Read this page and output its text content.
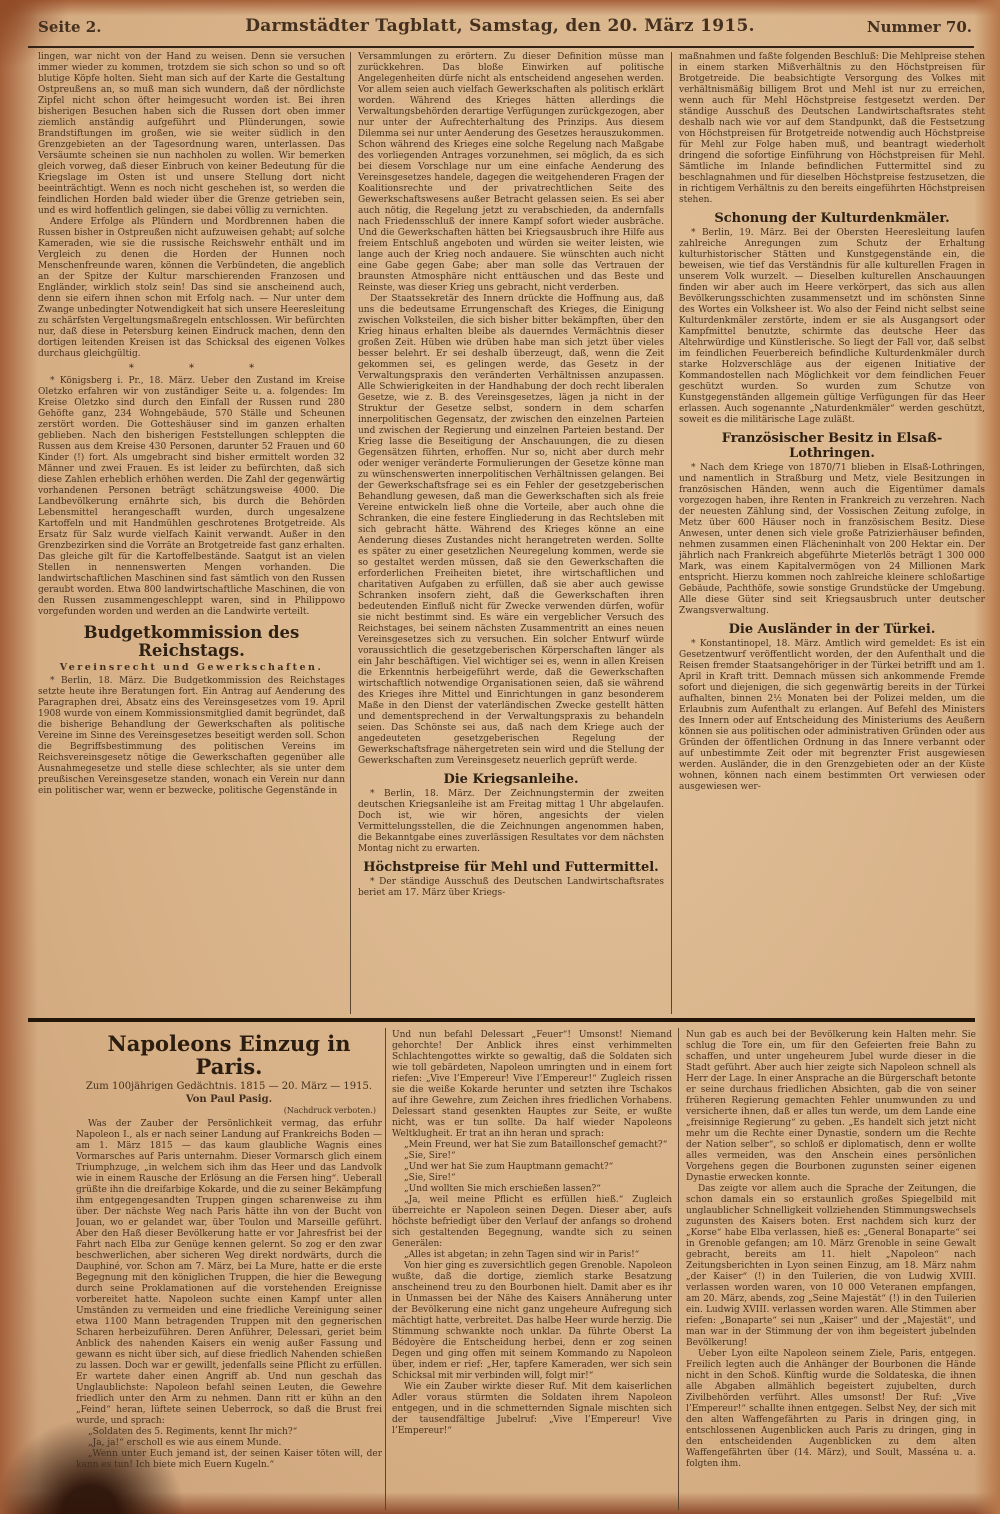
Seite 2.	Darmstädter Tagblatt, Samstag, den 20. März 1915.	Nummer 70.

lingen, war nicht von der Hand zu weisen. Denn sie versuchen immer wieder zu kommen, trotzdem sie sich schon so und so oft blutige Köpfe holten. Sieht man sich auf der Karte die Gestaltung Ostpreußens an, so muß man sich wundern, daß der nördlichste Zipfel nicht schon öfter heimgesucht worden ist. Bei ihren bisherigen Besuchen haben sich die Russen dort oben immer ziemlich anständig aufgeführt und Plünderungen, sowie Brandstiftungen im großen, wie sie weiter südlich in den Grenzgebieten an der Tagesordnung waren, unterlassen. Das Versäumte scheinen sie nun nachholen zu wollen. Wir bemerken gleich vorweg, daß dieser Einbruch von keiner Bedeutung für die Kriegslage im Osten ist und unsere Stellung dort nicht beeinträchtigt. Wenn es noch nicht geschehen ist, so werden die feindlichen Horden bald wieder über die Grenze getrieben sein, und es wird hoffentlich gelingen, sie dabei völlig zu vernichten.

Andere Erfolge als Plündern und Mordbrennen haben die Russen bisher in Ostpreußen nicht aufzuweisen gehabt; auf solche Kameraden, wie sie die russische Reichswehr enthält und im Vergleich zu denen die Horden der Hunnen noch Menschenfreunde waren, können die Verbündeten, die angeblich an der Spitze der Kultur marschierenden Franzosen und Engländer, wirklich stolz sein! Das sind sie anscheinend auch, denn sie eifern ihnen schon mit Erfolg nach. — Nur unter dem Zwange unbedingter Notwendigkeit hat sich unsere Heeresleitung zu schärfsten Vergeltungsmaßregeln entschlossen. Wir befürchten nur, daß diese in Petersburg keinen Eindruck machen, denn den dortigen leitenden Kreisen ist das Schicksal des eigenen Volkes durchaus gleichgültig.

* * *

* Königsberg i. Pr., 18. März. Ueber den Zustand im Kreise Oletzko erfahren wir von zuständiger Seite u. a. folgendes: Im Kreise Oletzko sind durch den Einfall der Russen rund 280 Gehöfte ganz, 234 Wohngebäude, 570 Ställe und Scheunen zerstört worden. Die Gotteshäuser sind im ganzen erhalten geblieben. Nach den bisherigen Feststellungen schleppten die Russen aus dem Kreise 430 Personen, darunter 52 Frauen und 60 Kinder (!) fort. Als umgebracht sind bisher ermittelt worden 32 Männer und zwei Frauen. Es ist leider zu befürchten, daß sich diese Zahlen erheblich erhöhen werden. Die Zahl der gegenwärtig vorhandenen Personen beträgt schätzungsweise 4000. Die Landbevölkerung ernährte sich, bis durch die Behörden Lebensmittel herangeschafft wurden, durch ungesalzene Kartoffeln und mit Handmühlen geschrotenes Brotgetreide. Als Ersatz für Salz wurde vielfach Kainit verwandt. Außer in den Grenzbezirken sind die Vorräte an Brotgetreide fast ganz erhalten. Das gleiche gilt für die Kartoffelbestände. Saatgut ist an vielen Stellen in nennenswerten Mengen vorhanden. Die landwirtschaftlichen Maschinen sind fast sämtlich von den Russen geraubt worden. Etwa 800 landwirtschaftliche Maschinen, die von den Russen zusammengeschleppt waren, sind in Philippowo vorgefunden worden und werden an die Landwirte verteilt.

Budgetkommission des Reichstags.
Vereinsrecht und Gewerkschaften.

* Berlin, 18. März. Die Budgetkommission des Reichstages setzte heute ihre Beratungen fort. Ein Antrag auf Aenderung des Paragraphen drei, Absatz eins des Vereinsgesetzes vom 19. April 1908 wurde von einem Kommissionsmitglied damit begründet, daß die bisherige Behandlung der Gewerkschaften als politische Vereine im Sinne des Vereinsgesetzes beseitigt werden soll. Schon die Begriffsbestimmung des politischen Vereins im Reichsvereinsgesetz nötige die Gewerkschaften gegenüber alle Ausnahmegesetze und stelle diese schlechter, als sie unter dem preußischen Vereinsgesetze standen, wonach ein Verein nur dann ein politischer war, wenn er bezwecke, politische Gegenstände in

Versammlungen zu erörtern. Zu dieser Definition müsse man zurückkehren. Das bloße Einwirken auf politische Angelegenheiten dürfe nicht als entscheidend angesehen werden. Vor allem seien auch vielfach Gewerkschaften als politisch erklärt worden. Während des Krieges hätten allerdings die Verwaltungsbehörden derartige Verfügungen zurückgezogen, aber nur unter der Aufrechterhaltung des Prinzips. Aus diesem Dilemma sei nur unter Aenderung des Gesetzes herauszukommen. Schon während des Krieges eine solche Regelung nach Maßgabe des vorliegenden Antrages vorzunehmen, sei möglich, da es sich bei diesem Vorschlage nur um eine einfache Aenderung des Vereinsgesetzes handele, dagegen die weitgehenderen Fragen der Koalitionsrechte und der privatrechtlichen Seite des Gewerkschaftswesens außer Betracht gelassen seien. Es sei aber auch nötig, die Regelung jetzt zu verabschieden, da andernfalls nach Friedensschluß der innere Kampf sofort wieder ausbräche. Und die Gewerkschaften hätten bei Kriegsausbruch ihre Hilfe aus freiem Entschluß angeboten und würden sie weiter leisten, wie lange auch der Krieg noch andauere. Sie wünschten auch nicht eine Gabe gegen Gabe; aber man solle das Vertrauen der braunsten Atmosphäre nicht enttäuschen und das Beste und Reinste, was dieser Krieg uns gebracht, nicht verderben.

Der Staatssekretär des Innern drückte die Hoffnung aus, daß uns die bedeutsame Errungenschaft des Krieges, die Einigung zwischen Volksteilen, die sich bisher bitter bekämpften, über den Krieg hinaus erhalten bleibe als dauerndes Vermächtnis dieser großen Zeit. Hüben wie drüben habe man sich jetzt über vieles besser belehrt. Er sei deshalb überzeugt, daß, wenn die Zeit gekommen sei, es gelingen werde, das Gesetz in der Verwaltungspraxis den veränderten Verhältnissen anzupassen. Alle Schwierigkeiten in der Handhabung der doch recht liberalen Gesetze, wie z. B. des Vereinsgesetzes, lägen ja nicht in der Struktur der Gesetze selbst, sondern in dem scharfen innerpolitischen Gegensatz, der zwischen den einzelnen Parteien und zwischen der Regierung und einzelnen Parteien bestand. Der Krieg lasse die Beseitigung der Anschauungen, die zu diesen Gegensätzen führten, erhoffen. Nur so, nicht aber durch mehr oder weniger veränderte Formulierungen der Gesetze könne man zu wünschenswerten innerpolitischen Verhältnissen gelangen. Bei der Gewerkschaftsfrage sei es ein Fehler der gesetzgeberischen Behandlung gewesen, daß man die Gewerkschaften sich als freie Vereine entwickeln ließ ohne die Vorteile, aber auch ohne die Schranken, die eine festere Eingliederung in das Rechtsleben mit sich gebracht hätte. Während des Krieges könne an eine Aenderung dieses Zustandes nicht herangetreten werden. Sollte es später zu einer gesetzlichen Neuregelung kommen, werde sie so gestaltet werden müssen, daß sie den Gewerkschaften die erforderlichen Freiheiten bietet, ihre wirtschaftlichen und charitativen Aufgaben zu erfüllen, daß sie aber auch gewisse Schranken insofern zieht, daß die Gewerkschaften ihren bedeutenden Einfluß nicht für Zwecke verwenden dürfen, wofür sie nicht bestimmt sind. Es wäre ein vergeblicher Versuch des Reichstages, bei seinem nächsten Zusammentritt an eines neuen Vereinsgesetzes sich zu versuchen. Ein solcher Entwurf würde voraussichtlich die gesetzgeberischen Körperschaften länger als ein Jahr beschäftigen. Viel wichtiger sei es, wenn in allen Kreisen die Erkenntnis herbeigeführt werde, daß die Gewerkschaften wirtschaftlich notwendige Organisationen seien, daß sie während des Krieges ihre Mittel und Einrichtungen in ganz besonderem Maße in den Dienst der vaterländischen Zwecke gestellt hätten und dementsprechend in der Verwaltungspraxis zu behandeln seien. Das Schönste sei aus, daß nach dem Kriege auch der angedeuteten gesetzgeberischen Regelung der Gewerkschaftsfrage nähergetreten sein wird und die Stellung der Gewerkschaften zum Vereinsgesetz neuerlich geprüft werde.

Die Kriegsanleihe.

* Berlin, 18. März. Der Zeichnungstermin der zweiten deutschen Kriegsanleihe ist am Freitag mittag 1 Uhr abgelaufen. Doch ist, wie wir hören, angesichts der vielen Vermittelungsstellen, die die Zeichnungen angenommen haben, die Bekanntgabe eines zuverlässigen Resultates vor dem nächsten Montag nicht zu erwarten.

Höchstpreise für Mehl und Futtermittel.

* Der ständige Ausschuß des Deutschen Landwirtschaftsrates beriet am 17. März über Kriegs-

maßnahmen und faßte folgenden Beschluß: Die Mehlpreise stehen in einem starken Mißverhältnis zu den Höchstpreisen für Brotgetreide. Die beabsichtigte Versorgung des Volkes mit verhältnismäßig billigem Brot und Mehl ist nur zu erreichen, wenn auch für Mehl Höchstpreise festgesetzt werden. Der ständige Ausschuß des Deutschen Landwirtschaftsrates steht deshalb nach wie vor auf dem Standpunkt, daß die Festsetzung von Höchstpreisen für Brotgetreide notwendig auch Höchstpreise für Mehl zur Folge haben muß, und beantragt wiederholt dringend die sofortige Einführung von Höchstpreisen für Mehl. Sämtliche im Inlande befindlichen Futtermittel sind zu beschlagnahmen und für dieselben Höchstpreise festzusetzen, die in richtigem Verhältnis zu den bereits eingeführten Höchstpreisen stehen.

Schonung der Kulturdenkmäler.

* Berlin, 19. März. Bei der Obersten Heeresleitung laufen zahlreiche Anregungen zum Schutz der Erhaltung kulturhistorischer Stätten und Kunstgegenstände ein, die beweisen, wie tief das Verständnis für alle kulturellen Fragen in unserem Volk wurzelt. — Dieselben kulturellen Anschauungen finden wir aber auch im Heere verkörpert, das sich aus allen Bevölkerungsschichten zusammensetzt und im schönsten Sinne des Wortes ein Volksheer ist. Wo also der Feind nicht selbst seine Kulturdenkmäler zerstörte, indem er sie als Ausgangsort oder Kampfmittel benutzte, schirmte das deutsche Heer das Altehrwürdige und Künstlerische. So liegt der Fall vor, daß selbst im feindlichen Feuerbereich befindliche Kulturdenkmäler durch starke Holzverschläge aus der eigenen Initiative der Kommandostellen nach Möglichkeit vor dem feindlichen Feuer geschützt wurden. So wurden zum Schutze von Kunstgegenständen allgemein gültige Verfügungen für das Heer erlassen. Auch sogenannte „Naturdenkmäler“ werden geschützt, soweit es die militärische Lage zuläßt.

Französischer Besitz in Elsaß-Lothringen.

* Nach dem Kriege von 1870/71 blieben in Elsaß-Lothringen, und namentlich in Straßburg und Metz, viele Besitzungen in französischen Händen, wenn auch die Eigentümer damals vorgezogen haben, ihre Renten in Frankreich zu verzehren. Nach der neuesten Zählung sind, der Vossischen Zeitung zufolge, in Metz über 600 Häuser noch in französischem Besitz. Diese Anwesen, unter denen sich viele große Patrizierhäuser befinden, nehmen zusammen einen Flächeninhalt von 200 Hektar ein. Der jährlich nach Frankreich abgeführte Mieterlös beträgt 1 300 000 Mark, was einem Kapitalvermögen von 24 Millionen Mark entspricht. Hierzu kommen noch zahlreiche kleinere schloßartige Gebäude, Pachthöfe, sowie sonstige Grundstücke der Umgebung. Alle diese Güter sind seit Kriegsausbruch unter deutscher Zwangsverwaltung.

Die Ausländer in der Türkei.

* Konstantinopel, 18. März. Amtlich wird gemeldet: Es ist ein Gesetzentwurf veröffentlicht worden, der den Aufenthalt und die Reisen fremder Staatsangehöriger in der Türkei betrifft und am 1. April in Kraft tritt. Demnach müssen sich ankommende Fremde sofort und diejenigen, die sich gegenwärtig bereits in der Türkei aufhalten, binnen 2½ Monaten bei der Polizei melden, um die Erlaubnis zum Aufenthalt zu erlangen. Auf Befehl des Ministers des Innern oder auf Entscheidung des Ministeriums des Aeußern können sie aus politischen oder administrativen Gründen oder aus Gründen der öffentlichen Ordnung in das Innere verbannt oder auf unbestimmte Zeit oder mit begrenzter Frist ausgewiesen werden. Ausländer, die in den Grenzgebieten oder an der Küste wohnen, können nach einem bestimmten Ort verwiesen oder ausgewiesen wer-

Napoleons Einzug in Paris.
Zum 100jährigen Gedächtnis. 1815 — 20. März — 1915.
Von Paul Pasig.
(Nachdruck verboten.)

Was der Zauber der Persönlichkeit vermag, das erfuhr Napoleon I., als er nach seiner Landung auf Frankreichs Boden — am 1. März 1815 — das kaum glaubliche Wagnis eines Vormarsches auf Paris unternahm. Dieser Vormarsch glich einem Triumphzuge, „in welchem sich ihm das Heer und das Landvolk wie in einem Rausche der Erlösung an die Fersen hing“. Ueberall grüßte ihn die dreifarbige Kokarde, und die zu seiner Bekämpfung ihm entgegengesandten Truppen gingen scharenweise zu ihm über. Der nächste Weg nach Paris hätte ihn von der Bucht von Jouan, wo er gelandet war, über Toulon und Marseille geführt. Aber den Haß dieser Bevölkerung hatte er vor Jahresfrist bei der Fahrt nach Elba zur Genüge kennen gelernt. So zog er den zwar beschwerlichen, aber sicheren Weg direkt nordwärts, durch die Dauphiné, vor. Schon am 7. März, bei La Mure, hatte er die erste Begegnung mit den königlichen Truppen, die hier die Bewegung durch seine Proklamationen auf die vorstehenden Ereignisse vorbereitet hatte. Napoleon suchte einen Kampf unter allen Umständen zu vermeiden und eine friedliche Vereinigung seiner etwa 1100 Mann betragenden Truppen mit den gegnerischen Scharen herbeizuführen. Deren Anführer, Delessari, geriet beim Anblick des nahenden Kaisers ein wenig außer Fassung und gewann es nicht über sich, auf diese friedlich Nahenden schießen zu lassen. Doch war er gewillt, jedenfalls seine Pflicht zu erfüllen. Er wartete daher einen Angriff ab. Und nun geschah das Unglaublichste: Napoleon befahl seinen Leuten, die Gewehre friedlich unter den Arm zu nehmen. Dann ritt er kühn an den „Feind“ heran, lüftete seinen Ueberrock, so daß die Brust frei wurde, und sprach:

„Soldaten des 5. Regiments, kennt Ihr mich?“

„Ja, ja!“ erscholl es wie aus einem Munde.

„Wenn unter Euch jemand ist, der seinen Kaiser töten will, der kann es tun! Ich biete mich Euern Kugeln.“

Und nun befahl Delessart „Feuer“! Umsonst! Niemand gehorchte! Der Anblick ihres einst verhimmelten Schlachtengottes wirkte so gewaltig, daß die Soldaten sich wie toll gebärdeten, Napoleon umringten und in einem fort riefen: „Vive l’Empereur! Vive l’Empereur!“ Zugleich rissen sie die weiße Kokarde herunter und setzten ihre Tschakos auf ihre Gewehre, zum Zeichen ihres friedlichen Vorhabens. Delessart stand gesenkten Hauptes zur Seite, er wußte nicht, was er tun sollte. Da half wieder Napoleons Weltklugheit. Er trat an ihn heran und sprach:

„Mein Freund, wer hat Sie zum Bataillonschef gemacht?“

„Sie, Sire!“

„Und wer hat Sie zum Hauptmann gemacht?“

„Sie, Sire!“

„Und wollten Sie mich erschießen lassen?“

„Ja, weil meine Pflicht es erfüllen hieß.“ Zugleich überreichte er Napoleon seinen Degen. Dieser aber, aufs höchste befriedigt über den Verlauf der anfangs so drohend sich gestaltenden Begegnung, wandte sich zu seinen Generälen:

„Alles ist abgetan; in zehn Tagen sind wir in Paris!“

Von hier ging es zuversichtlich gegen Grenoble. Napoleon wußte, daß die dortige, ziemlich starke Besatzung anscheinend treu zu den Bourbonen hielt. Damit aber es ihr in Unmassen bei der Nähe des Kaisers Annäherung unter der Bevölkerung eine nicht ganz ungeheure Aufregung sich mächtigt hatte, verbreitet. Das halbe Heer wurde herzig. Die Stimmung schwankte noch unklar. Da führte Oberst La Bédoyère die Entscheidung herbei, denn er zog seinen Degen und ging offen mit seinem Kommando zu Napoleon über, indem er rief: „Her, tapfere Kameraden, wer sich sein Schicksal mit mir verbinden will, folgt mir!“

Wie ein Zauber wirkte dieser Ruf. Mit dem kaiserlichen Adler voraus stürmten die Soldaten ihrem Napoleon entgegen, und in die schmetternden Signale mischten sich der tausendfältige Jubelruf: „Vive l’Empereur! Vive l’Empereur!“

Nun gab es auch bei der Bevölkerung kein Halten mehr. Sie schlug die Tore ein, um für den Gefeierten freie Bahn zu schaffen, und unter ungeheurem Jubel wurde dieser in die Stadt geführt. Aber auch hier zeigte sich Napoleon schnell als Herr der Lage. In einer Ansprache an die Bürgerschaft betonte er seine durchaus friedlichen Absichten, gab die von seiner früheren Regierung gemachten Fehler unumwunden zu und versicherte ihnen, daß er alles tun werde, um dem Lande eine „freisinnige Regierung“ zu geben. „Es handelt sich jetzt nicht mehr um die Rechte einer Dynastie, sondern um die Rechte der Nation selber“, so schloß er diplomatisch, denn er wollte alles vermeiden, was den Anschein eines persönlichen Vorgehens gegen die Bourbonen zugunsten seiner eigenen Dynastie erwecken konnte.

Das zeigte vor allem auch die Sprache der Zeitungen, die schon damals ein so erstaunlich großes Spiegelbild mit unglaublicher Schnelligkeit vollziehenden Stimmungswechsels zugunsten des Kaisers boten. Erst nachdem sich kurz der „Korse“ habe Elba verlassen, hieß es: „General Bonaparte“ sei in Grenoble gefangen; am 10. März Grenoble in seine Gewalt gebracht, bereits am 11. hielt „Napoleon“ nach Zeitungsberichten in Lyon seinen Einzug, am 18. März nahm „der Kaiser“ (!) in den Tuilerien, die von Ludwig XVIII. verlassen worden waren, von 10 000 Veteranen empfangen, am 20. März, abends, zog „Seine Majestät“ (!) in den Tuilerien ein. Ludwig XVIII. verlassen worden waren. Alle Stimmen aber riefen: „Bonaparte“ sei nun „Kaiser“ und der „Majestät“, und man war in der Stimmung der von ihm begeistert jubelnden Bevölkerung!

Ueber Lyon eilte Napoleon seinem Ziele, Paris, entgegen. Freilich legten auch die Anhänger der Bourbonen die Hände nicht in den Schoß. Künftig wurde die Soldateska, die ihnen alle Abgaben allmählich begeistert zujubelten, durch Zivilbehörden verführt. Alles umsonst! Der Ruf: „Vive l’Empereur!“ schallte ihnen entgegen. Selbst Ney, der sich mit den alten Waffengefährten zu Paris in dringen ging, in entschlossenen Augenblicken auch Paris zu dringen, ging in den entscheidenden Augenblicken zu dem alten Waffengefährten über (14. März), und Soult, Masséna u. a. folgten ihm.
